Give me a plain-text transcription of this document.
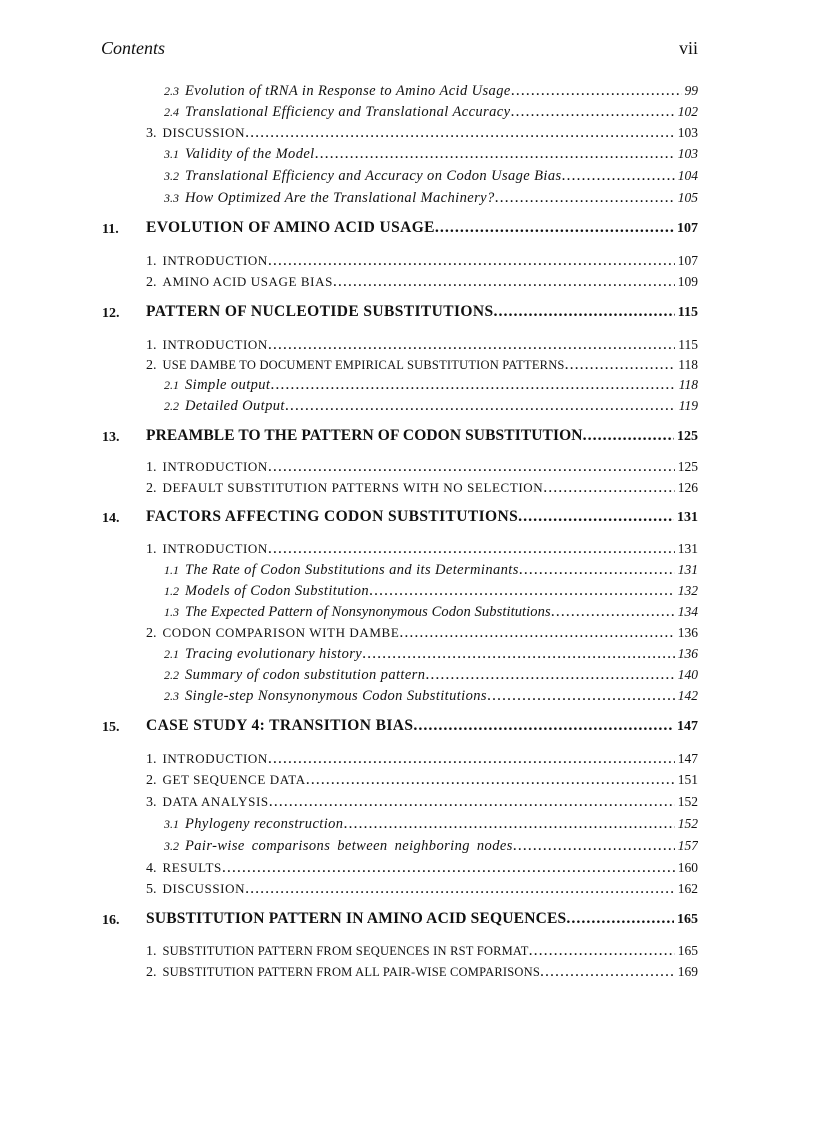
Contents	vii
2.3 Evolution of tRNA in Response to Amino Acid Usage .....	99
2.4 Translational Efficiency and Translational Accuracy .....	102
3. DISCUSSION .....	103
3.1 Validity of the Model .....	103
3.2 Translational Efficiency and Accuracy on Codon Usage Bias .....	104
3.3 How Optimized Are the Translational Machinery? .....	105
11. EVOLUTION OF AMINO ACID USAGE .....	107
1. INTRODUCTION .....	107
2. AMINO ACID USAGE BIAS .....	109
12. PATTERN OF NUCLEOTIDE SUBSTITUTIONS .....	115
1. INTRODUCTION .....	115
2. USE DAMBE TO DOCUMENT EMPIRICAL SUBSTITUTION PATTERNS .....	118
2.1 Simple output .....	118
2.2 Detailed Output .....	119
13. PREAMBLE TO THE PATTERN OF CODON SUBSTITUTION .....	125
1. INTRODUCTION .....	125
2. DEFAULT SUBSTITUTION PATTERNS WITH NO SELECTION .....	126
14. FACTORS AFFECTING CODON SUBSTITUTIONS .....	131
1. INTRODUCTION .....	131
1.1 The Rate of Codon Substitutions and its Determinants .....	131
1.2 Models of Codon Substitution .....	132
1.3 The Expected Pattern of Nonsynonymous Codon Substitutions .....	134
2. CODON COMPARISON WITH DAMBE .....	136
2.1 Tracing evolutionary history .....	136
2.2 Summary of codon substitution pattern .....	140
2.3 Single-step Nonsynonymous Codon Substitutions .....	142
15. CASE STUDY 4: TRANSITION BIAS .....	147
1. INTRODUCTION .....	147
2. GET SEQUENCE DATA .....	151
3. DATA ANALYSIS .....	152
3.1 Phylogeny reconstruction .....	152
3.2 Pair-wise comparisons between neighboring nodes .....	157
4. RESULTS .....	160
5. DISCUSSION .....	162
16. SUBSTITUTION PATTERN IN AMINO ACID SEQUENCES .....	165
1. SUBSTITUTION PATTERN FROM SEQUENCES IN RST FORMAT .....	165
2. SUBSTITUTION PATTERN FROM ALL PAIR-WISE COMPARISONS .....	169
